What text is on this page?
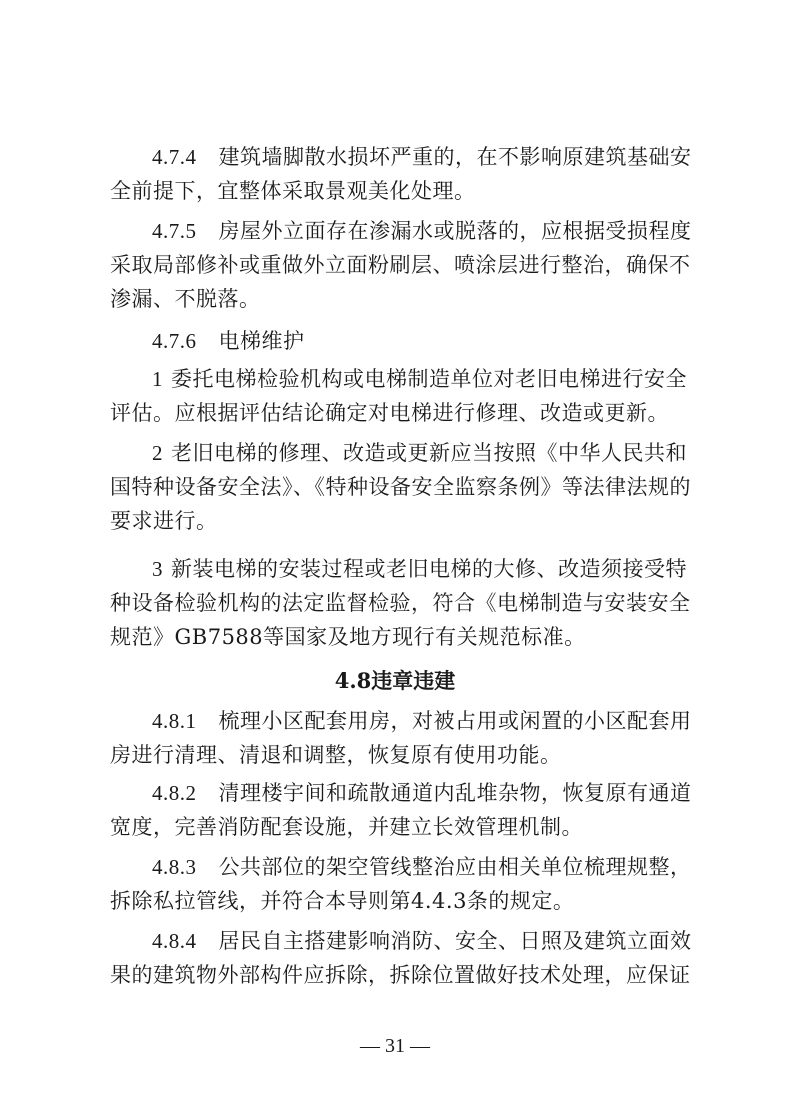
4.7.4 建筑墙脚散水损坏严重的，在不影响原建筑基础安
全前提下，宜整体采取景观美化处理。
4.7.5 房屋外立面存在渗漏水或脱落的，应根据受损程度
采取局部修补或重做外立面粉刷层、喷涂层进行整治，确保不
渗漏、不脱落。
4.7.6 电梯维护
1 委托电梯检验机构或电梯制造单位对老旧电梯进行安全
评估。应根据评估结论确定对电梯进行修理、改造或更新。
2 老旧电梯的修理、改造或更新应当按照《中华人民共和
国特种设备安全法》、《特种设备安全监察条例》等法律法规的
要求进行。
3 新装电梯的安装过程或老旧电梯的大修、改造须接受特
种设备检验机构的法定监督检验，符合《电梯制造与安装安全
规范》GB7588等国家及地方现行有关规范标准。
4.8违章违建
4.8.1 梳理小区配套用房，对被占用或闲置的小区配套用
房进行清理、清退和调整，恢复原有使用功能。
4.8.2 清理楼宇间和疏散通道内乱堆杂物，恢复原有通道
宽度，完善消防配套设施，并建立长效管理机制。
4.8.3 公共部位的架空管线整治应由相关单位梳理规整，
拆除私拉管线，并符合本导则第4.4.3条的规定。
4.8.4 居民自主搭建影响消防、安全、日照及建筑立面效
果的建筑物外部构件应拆除，拆除位置做好技术处理，应保证
— 31 —
